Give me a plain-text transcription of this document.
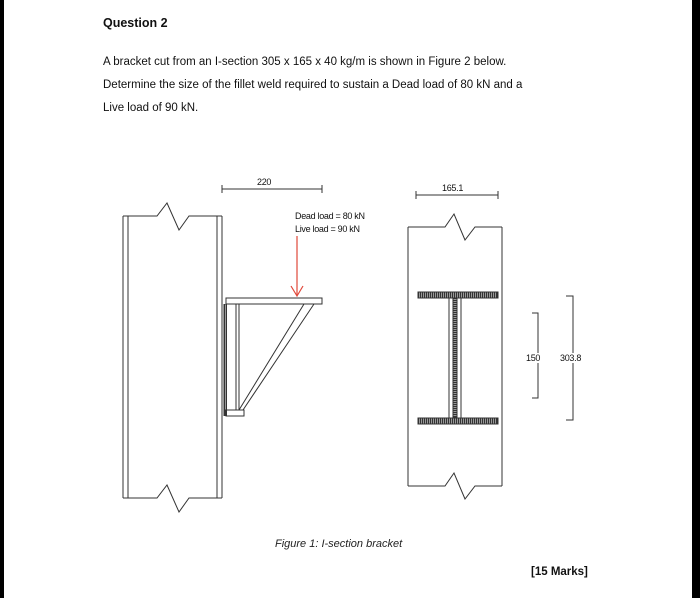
Question 2

A bracket cut from an I-section 305 x 165 x 40 kg/m is shown in Figure 2 below.

Determine the size of the fillet weld required to sustain a Dead load of 80 kN and a

Live load of 90 kN.

220
165.1
Dead load = 80 kN
Live load = 90 kN
150 303.8
Figure 1: I-section bracket
[15 Marks]
